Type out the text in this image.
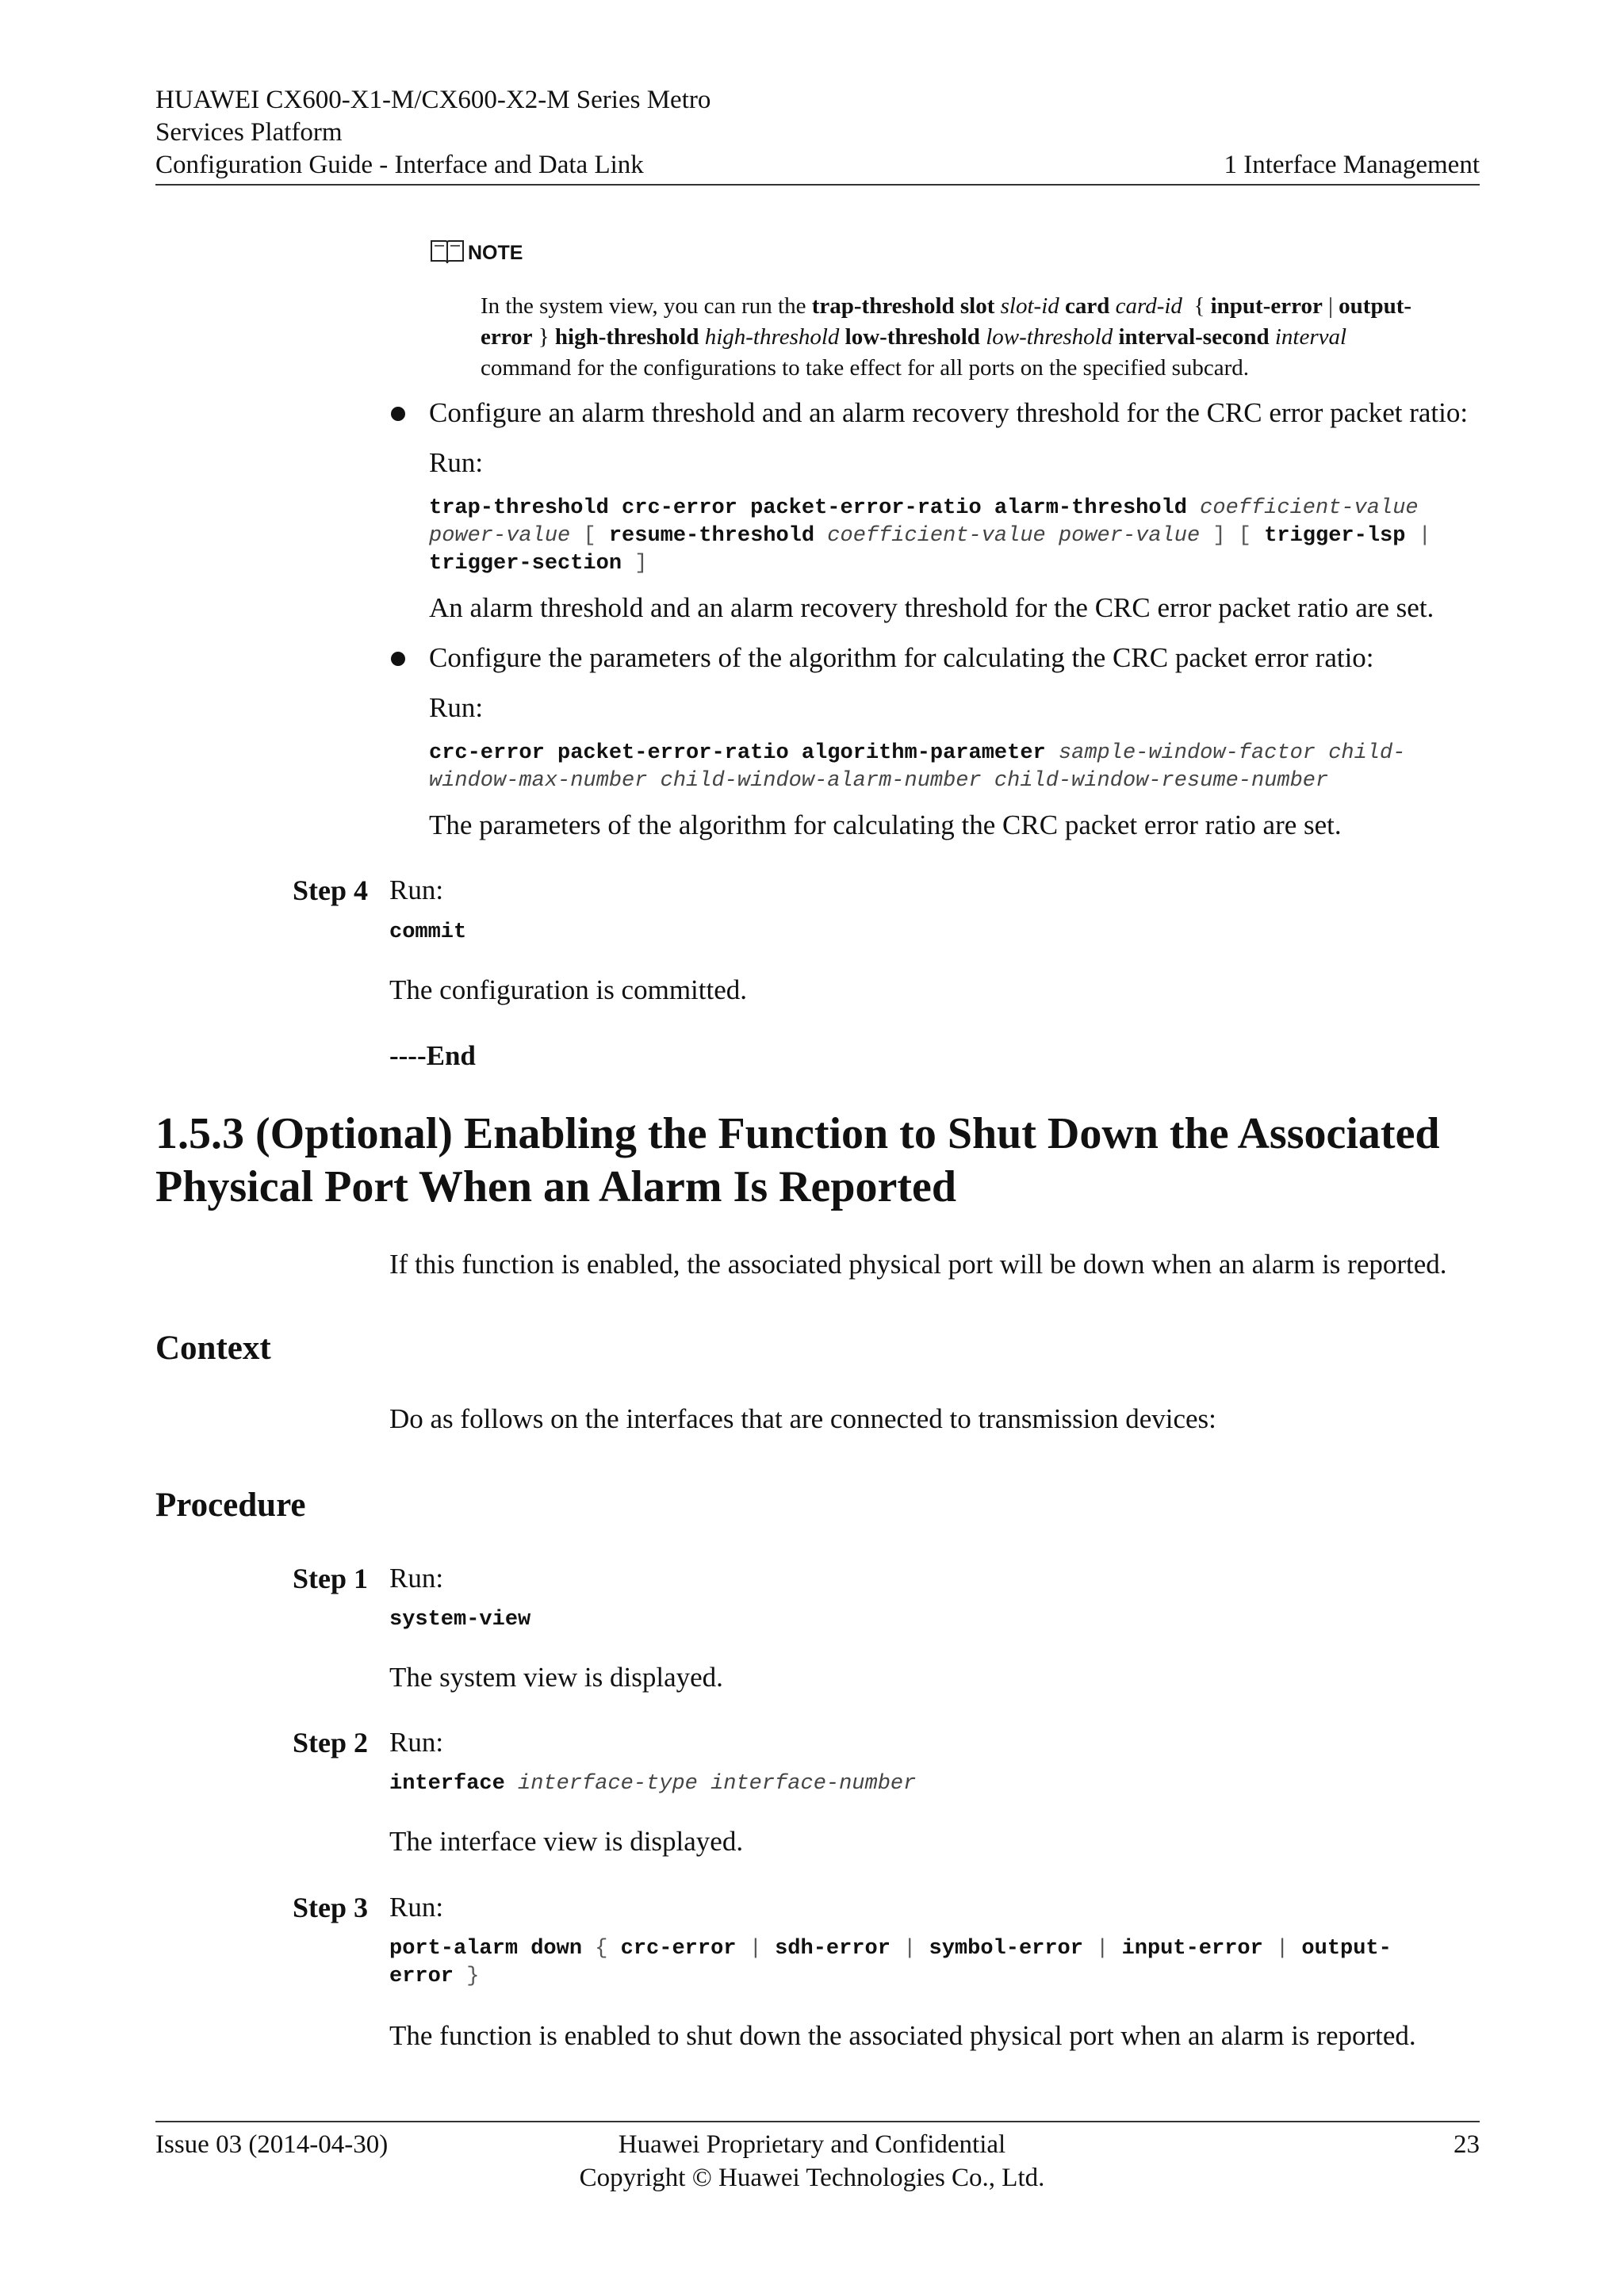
HUAWEI CX600-X1-M/CX600-X2-M Series Metro
Services Platform
Configuration Guide - Interface and Data Link	1 Interface Management
NOTE
In the system view, you can run the trap-threshold slot slot-id card card-id { input-error | output-
error } high-threshold high-threshold low-threshold low-threshold interval-second interval
command for the configurations to take effect for all ports on the specified subcard.
Configure an alarm threshold and an alarm recovery threshold for the CRC error packet ratio:
Run:
trap-threshold crc-error packet-error-ratio alarm-threshold coefficient-value
power-value [ resume-threshold coefficient-value power-value ] [ trigger-lsp |
trigger-section ]
An alarm threshold and an alarm recovery threshold for the CRC error packet ratio are set.
Configure the parameters of the algorithm for calculating the CRC packet error ratio:
Run:
crc-error packet-error-ratio algorithm-parameter sample-window-factor child-
window-max-number child-window-alarm-number child-window-resume-number
The parameters of the algorithm for calculating the CRC packet error ratio are set.
Step 4 Run:
commit
The configuration is committed.
----End
1.5.3 (Optional) Enabling the Function to Shut Down the Associated
Physical Port When an Alarm Is Reported
If this function is enabled, the associated physical port will be down when an alarm is reported.
Context
Do as follows on the interfaces that are connected to transmission devices:
Procedure
Step 1 Run:
system-view
The system view is displayed.
Step 2 Run:
interface interface-type interface-number
The interface view is displayed.
Step 3 Run:
port-alarm down { crc-error | sdh-error | symbol-error | input-error | output-
error }
The function is enabled to shut down the associated physical port when an alarm is reported.
Issue 03 (2014-04-30)	Huawei Proprietary and Confidential
Copyright © Huawei Technologies Co., Ltd.
23
